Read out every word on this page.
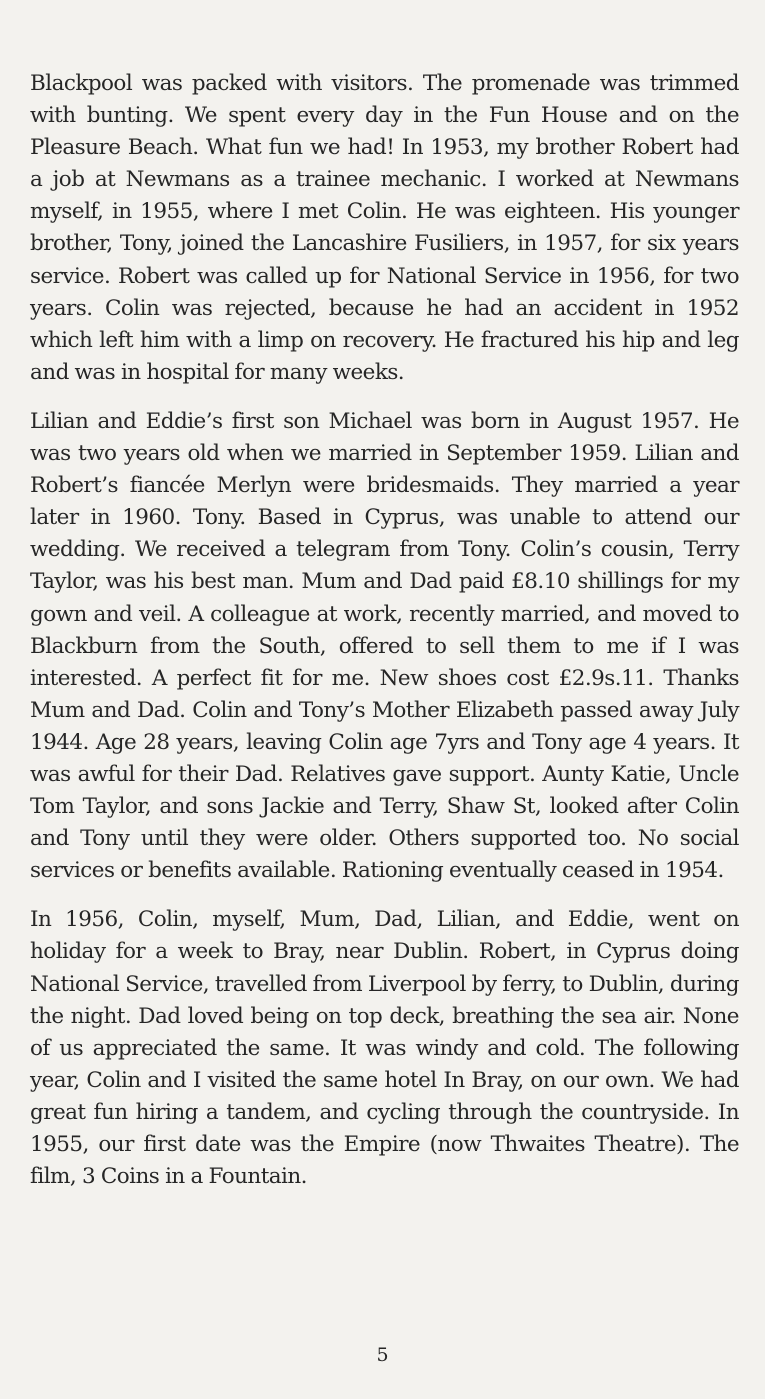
Blackpool was packed with visitors. The promenade was trimmed with bunting. We spent every day in the Fun House and on the Pleasure Beach. What fun we had! In 1953, my brother Robert had a job at Newmans as a trainee mechanic. I worked at Newmans myself, in 1955, where I met Colin. He was eighteen. His younger brother, Tony, joined the Lancashire Fusiliers, in 1957, for six years service. Robert was called up for National Service in 1956, for two years. Colin was rejected, because he had an accident in 1952 which left him with a limp on recovery. He fractured his hip and leg and was in hospital for many weeks.

Lilian and Eddie’s first son Michael was born in August 1957. He was two years old when we married in September 1959. Lilian and Robert’s fiancée Merlyn were bridesmaids. They married a year later in 1960. Tony. Based in Cyprus, was unable to attend our wedding. We received a telegram from Tony. Colin’s cousin, Terry Taylor, was his best man. Mum and Dad paid £8.10 shillings for my gown and veil. A colleague at work, recently married, and moved to Blackburn from the South, offered to sell them to me if I was interested. A perfect fit for me. New shoes cost £2.9s.11. Thanks Mum and Dad. Colin and Tony’s Mother Elizabeth passed away July 1944. Age 28 years, leaving Colin age 7yrs and Tony age 4 years. It was awful for their Dad. Relatives gave support. Aunty Katie, Uncle Tom Taylor, and sons Jackie and Terry, Shaw St, looked after Colin and Tony until they were older. Others supported too. No social services or benefits available. Rationing eventually ceased in 1954.

In 1956, Colin, myself, Mum, Dad, Lilian, and Eddie, went on holiday for a week to Bray, near Dublin. Robert, in Cyprus doing National Service, travelled from Liverpool by ferry, to Dublin, during the night. Dad loved being on top deck, breathing the sea air. None of us appreciated the same. It was windy and cold. The following year, Colin and I visited the same hotel In Bray, on our own. We had great fun hiring a tandem, and cycling through the countryside. In 1955, our first date was the Empire (now Thwaites Theatre). The film, 3 Coins in a Fountain.

5
